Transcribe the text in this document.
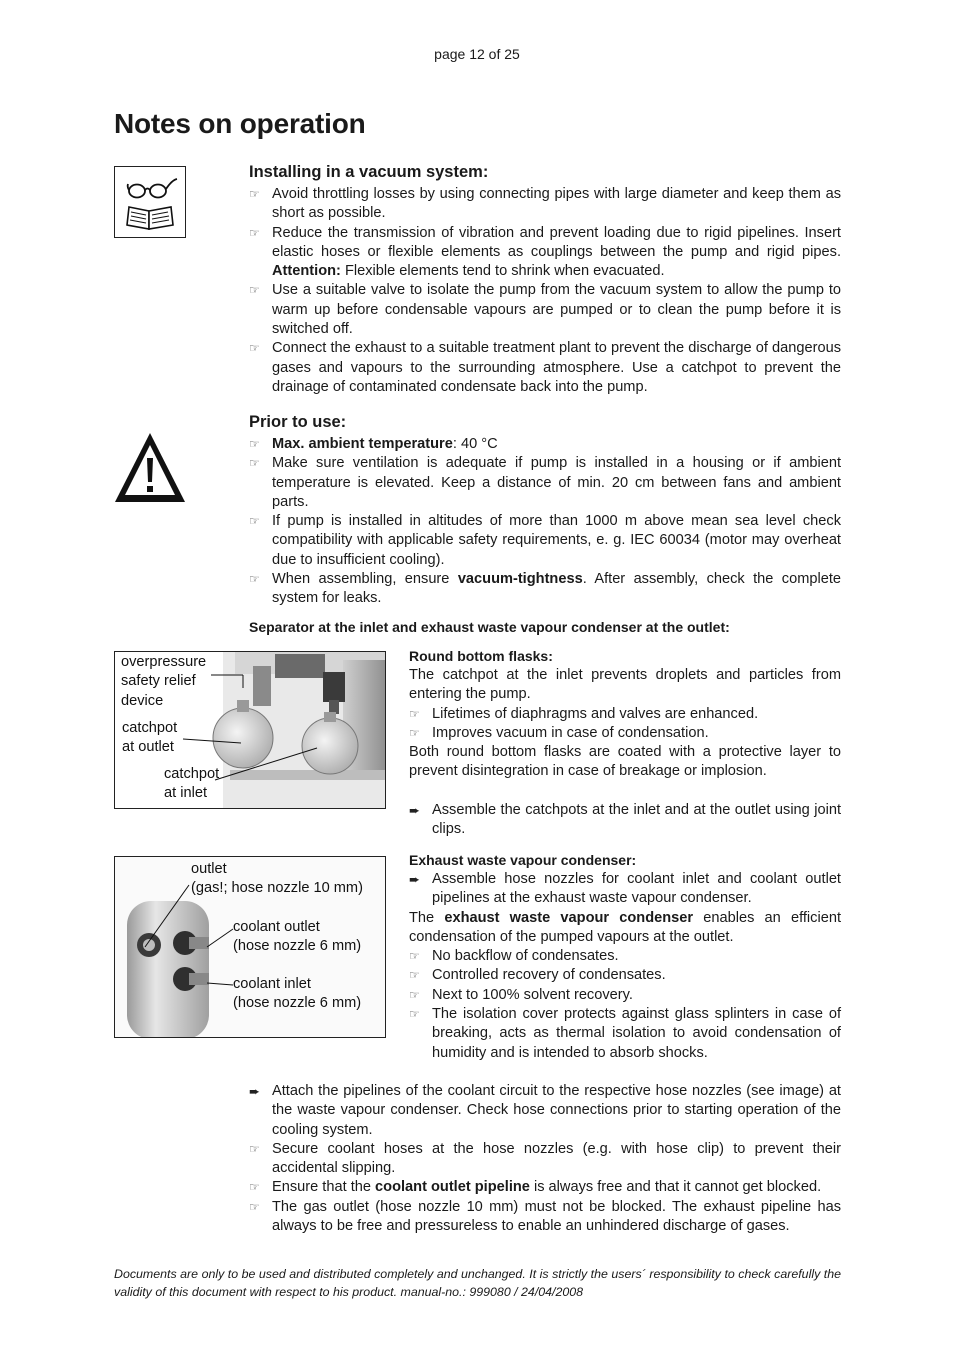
page 12 of 25
Notes on operation
Installing in a vacuum system:
☞ Avoid throttling losses by using connecting pipes with large diameter and keep them as short as possible.
☞ Reduce the transmission of vibration and prevent loading due to rigid pipelines. Insert elastic hoses or flexible elements as couplings between the pump and rigid pipes. Attention: Flexible elements tend to shrink when evacuated.
☞ Use a suitable valve to isolate the pump from the vacuum system to allow the pump to warm up before condensable vapours are pumped or to clean the pump before it is switched off.
☞ Connect the exhaust to a suitable treatment plant to prevent the discharge of dangerous gases and vapours to the surrounding atmosphere. Use a catchpot to prevent the drainage of contaminated condensate back into the pump.
Prior to use:
☞ Max. ambient temperature: 40 °C
☞ Make sure ventilation is adequate if pump is installed in a housing or if ambient temperature is elevated. Keep a distance of min. 20 cm between fans and ambient parts.
☞ If pump is installed in altitudes of more than 1000 m above mean sea level check compatibility with applicable safety requirements, e. g. IEC 60034 (motor may overheat due to insufficient cooling).
☞ When assembling, ensure vacuum-tightness. After assembly, check the complete system for leaks.
Separator at the inlet and exhaust waste vapour condenser at the outlet:
overpressure
safety relief
device
catchpot
at outlet
catchpot
at inlet
Round bottom flasks:

The catchpot at the inlet prevents droplets and particles from entering the pump.

☞ Lifetimes of diaphragms and valves are enhanced.
☞ Improves vacuum in case of condensation.

Both round bottom flasks are coated with a protective layer to prevent disintegration in case of breakage or implosion.

➨ Assemble the catchpots at the inlet and at the outlet using joint clips.
outlet
(gas!; hose nozzle 10 mm)
coolant outlet
(hose nozzle 6 mm)
coolant inlet
(hose nozzle 6 mm)
Exhaust waste vapour condenser:
➨ Assemble hose nozzles for coolant inlet and coolant outlet pipelines at the exhaust waste vapour condenser.

The exhaust waste vapour condenser enables an efficient condensation of the pumped vapours at the outlet.

☞ No backflow of condensates.
☞ Controlled recovery of condensates.
☞ Next to 100% solvent recovery.
☞ The isolation cover protects against glass splinters in case of breaking, acts as thermal isolation to avoid condensation of humidity and is intended to absorb shocks.
➨ Attach the pipelines of the coolant circuit to the respective hose nozzles (see image) at the waste vapour condenser. Check hose connections prior to starting operation of the cooling system.
☞ Secure coolant hoses at the hose nozzles (e.g. with hose clip) to prevent their accidental slipping.
☞ Ensure that the coolant outlet pipeline is always free and that it cannot get blocked.
☞ The gas outlet (hose nozzle 10 mm) must not be blocked. The exhaust pipeline has always to be free and pressureless to enable an unhindered discharge of gases.
Documents are only to be used and distributed completely and unchanged. It is strictly the users´ responsibility to check carefully the validity of this document with respect to his product. manual-no.: 999080 / 24/04/2008
